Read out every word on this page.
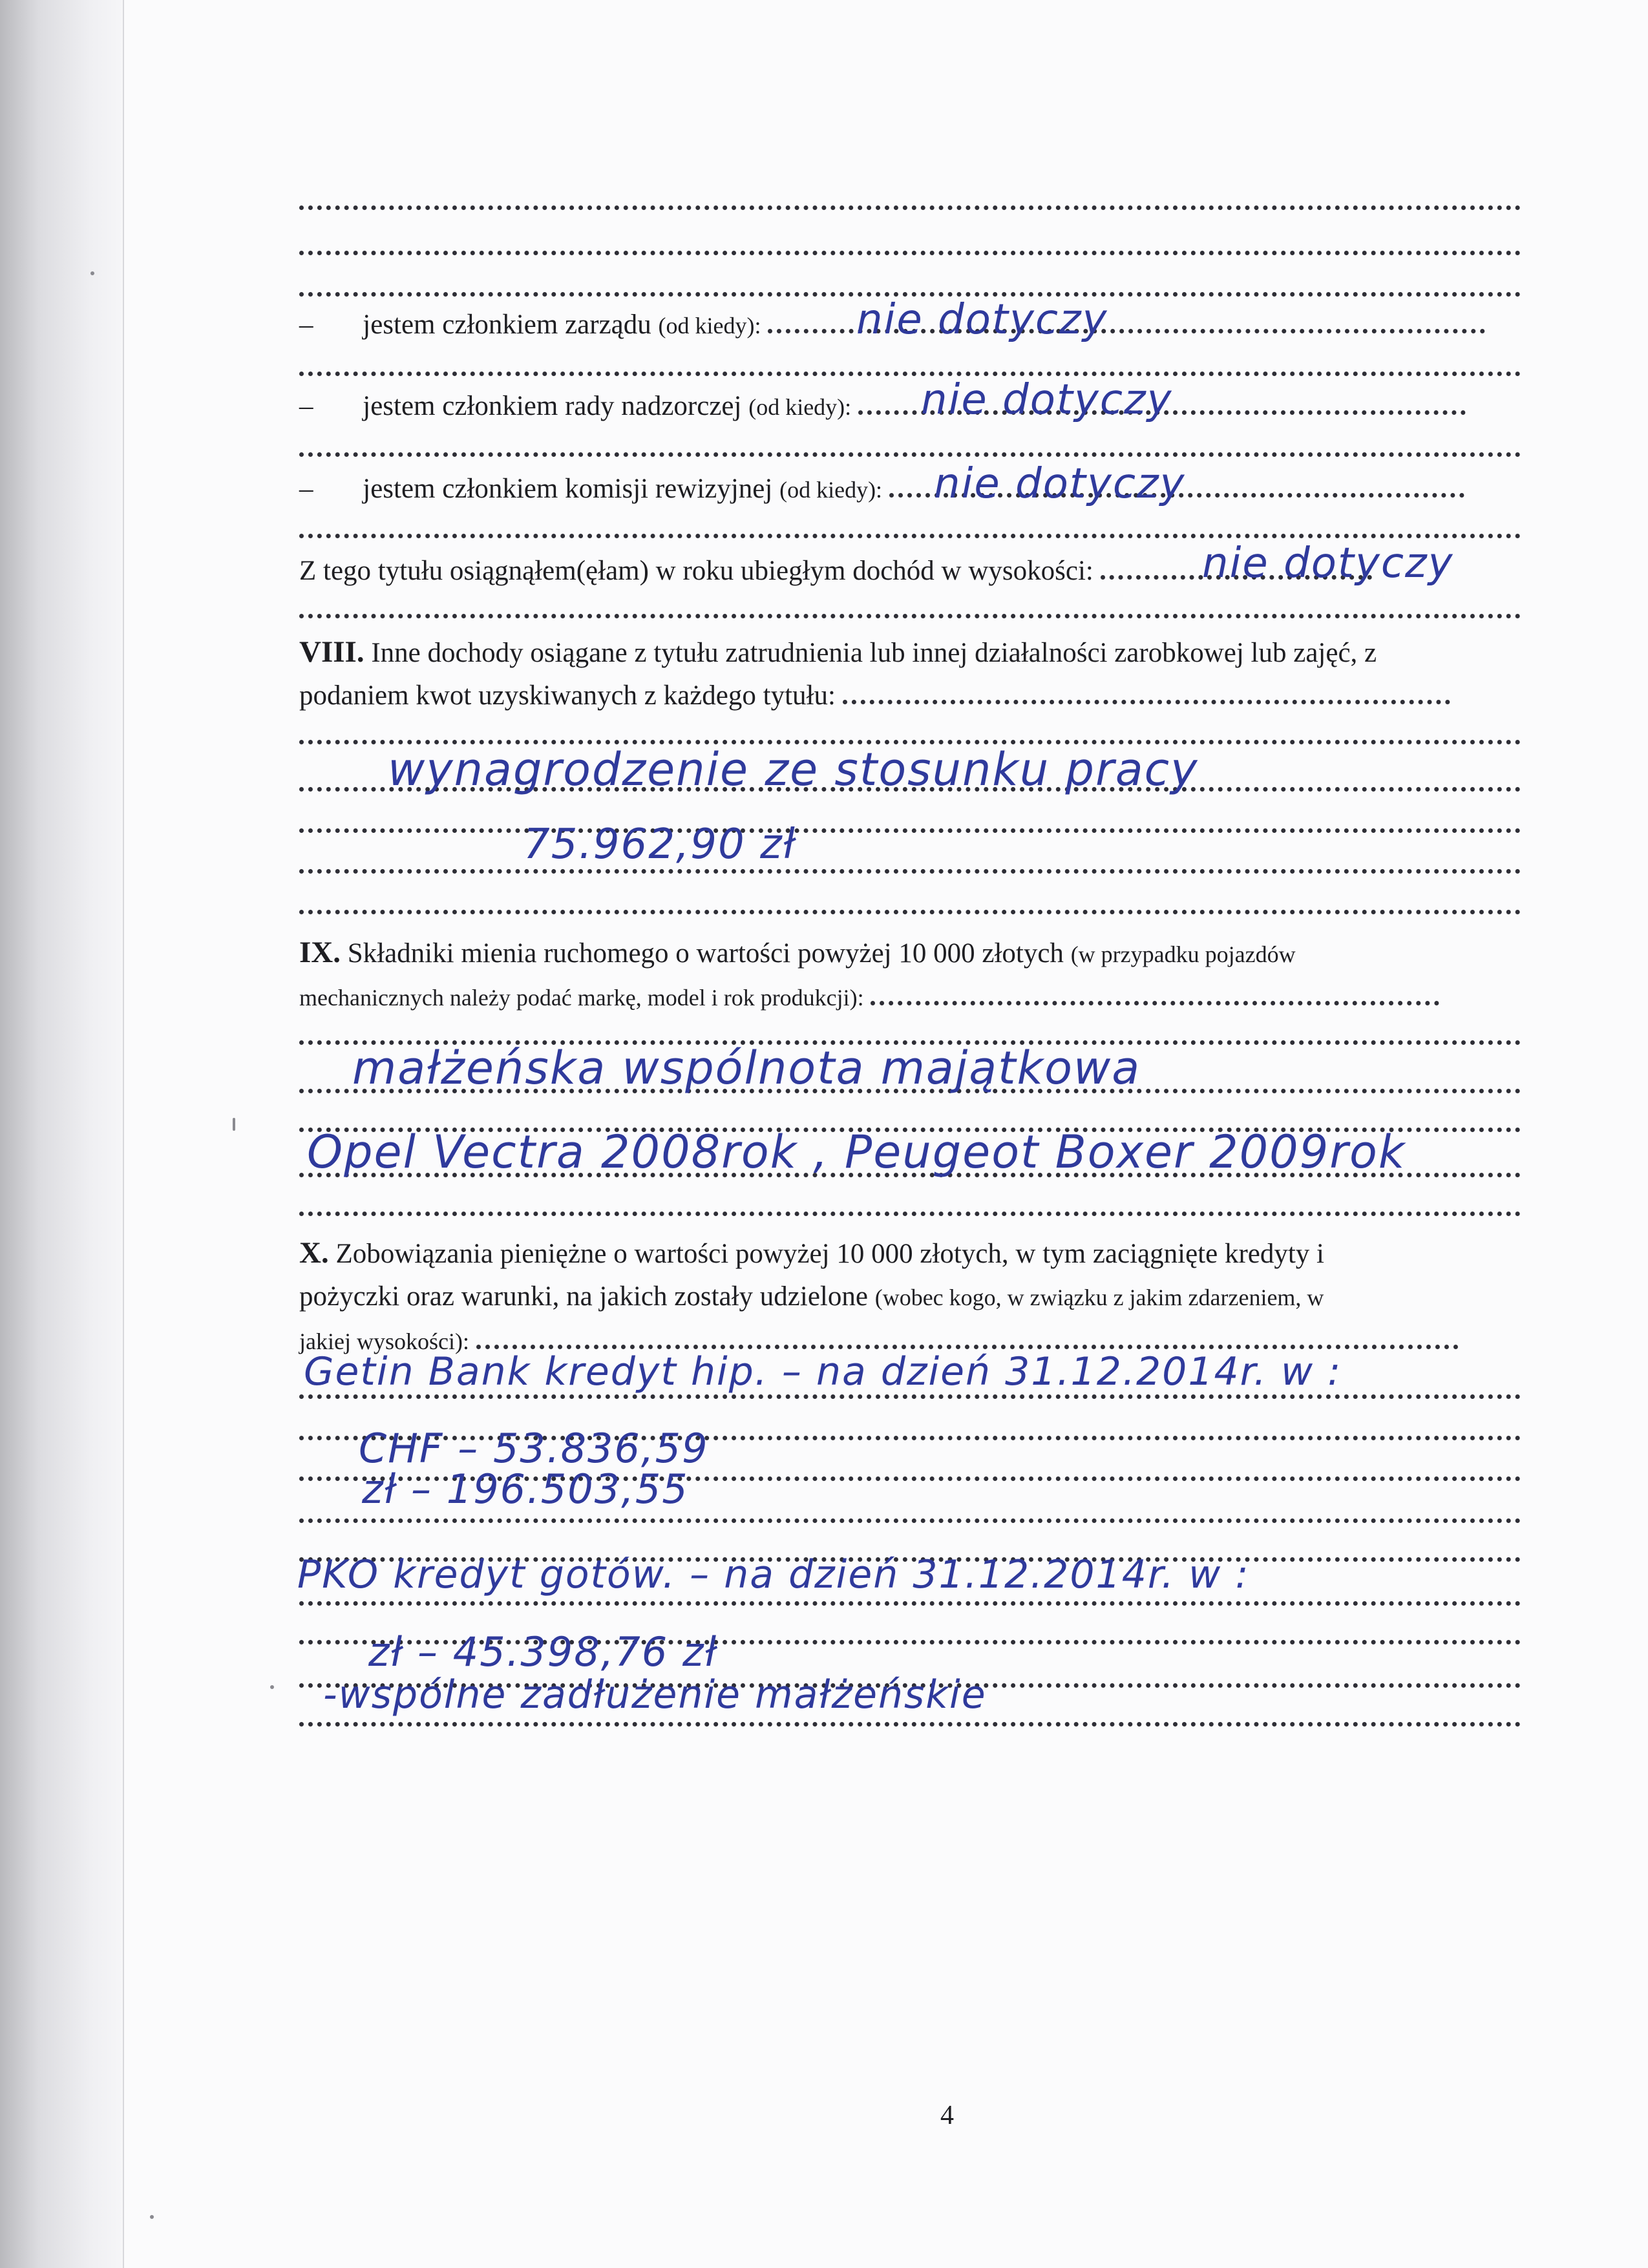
– jestem członkiem zarządu (od kiedy):	nie dotyczy
– jestem członkiem rady nadzorczej (od kiedy):	nie dotyczy
– jestem członkiem komisji rewizyjnej (od kiedy):	nie dotyczy
Z tego tytułu osiągnąłem(ęłam) w roku ubiegłym dochód w wysokości:	nie dotyczy
VIII. Inne dochody osiągane z tytułu zatrudnienia lub innej działalności zarobkowej lub zajęć, z
podaniem kwot uzyskiwanych z każdego tytułu:
wynagrodzenie ze stosunku pracy
75.962,90 zł
IX. Składniki mienia ruchomego o wartości powyżej 10 000 złotych (w przypadku pojazdów
mechanicznych należy podać markę, model i rok produkcji):
małżeńska wspólnota majątkowa
Opel Vectra 2008rok , Peugeot Boxer 2009rok
X. Zobowiązania pieniężne o wartości powyżej 10 000 złotych, w tym zaciągnięte kredyty i
pożyczki oraz warunki, na jakich zostały udzielone (wobec kogo, w związku z jakim zdarzeniem, w
jakiej wysokości):
Getin Bank kredyt hip. – na dzień 31.12.2014r. w :
CHF – 53.836,59
zł – 196.503,55
PKO kredyt gotów. – na dzień 31.12.2014r. w :
zł – 45.398,76 zł
-wspólne zadłużenie małżeńskie
4
